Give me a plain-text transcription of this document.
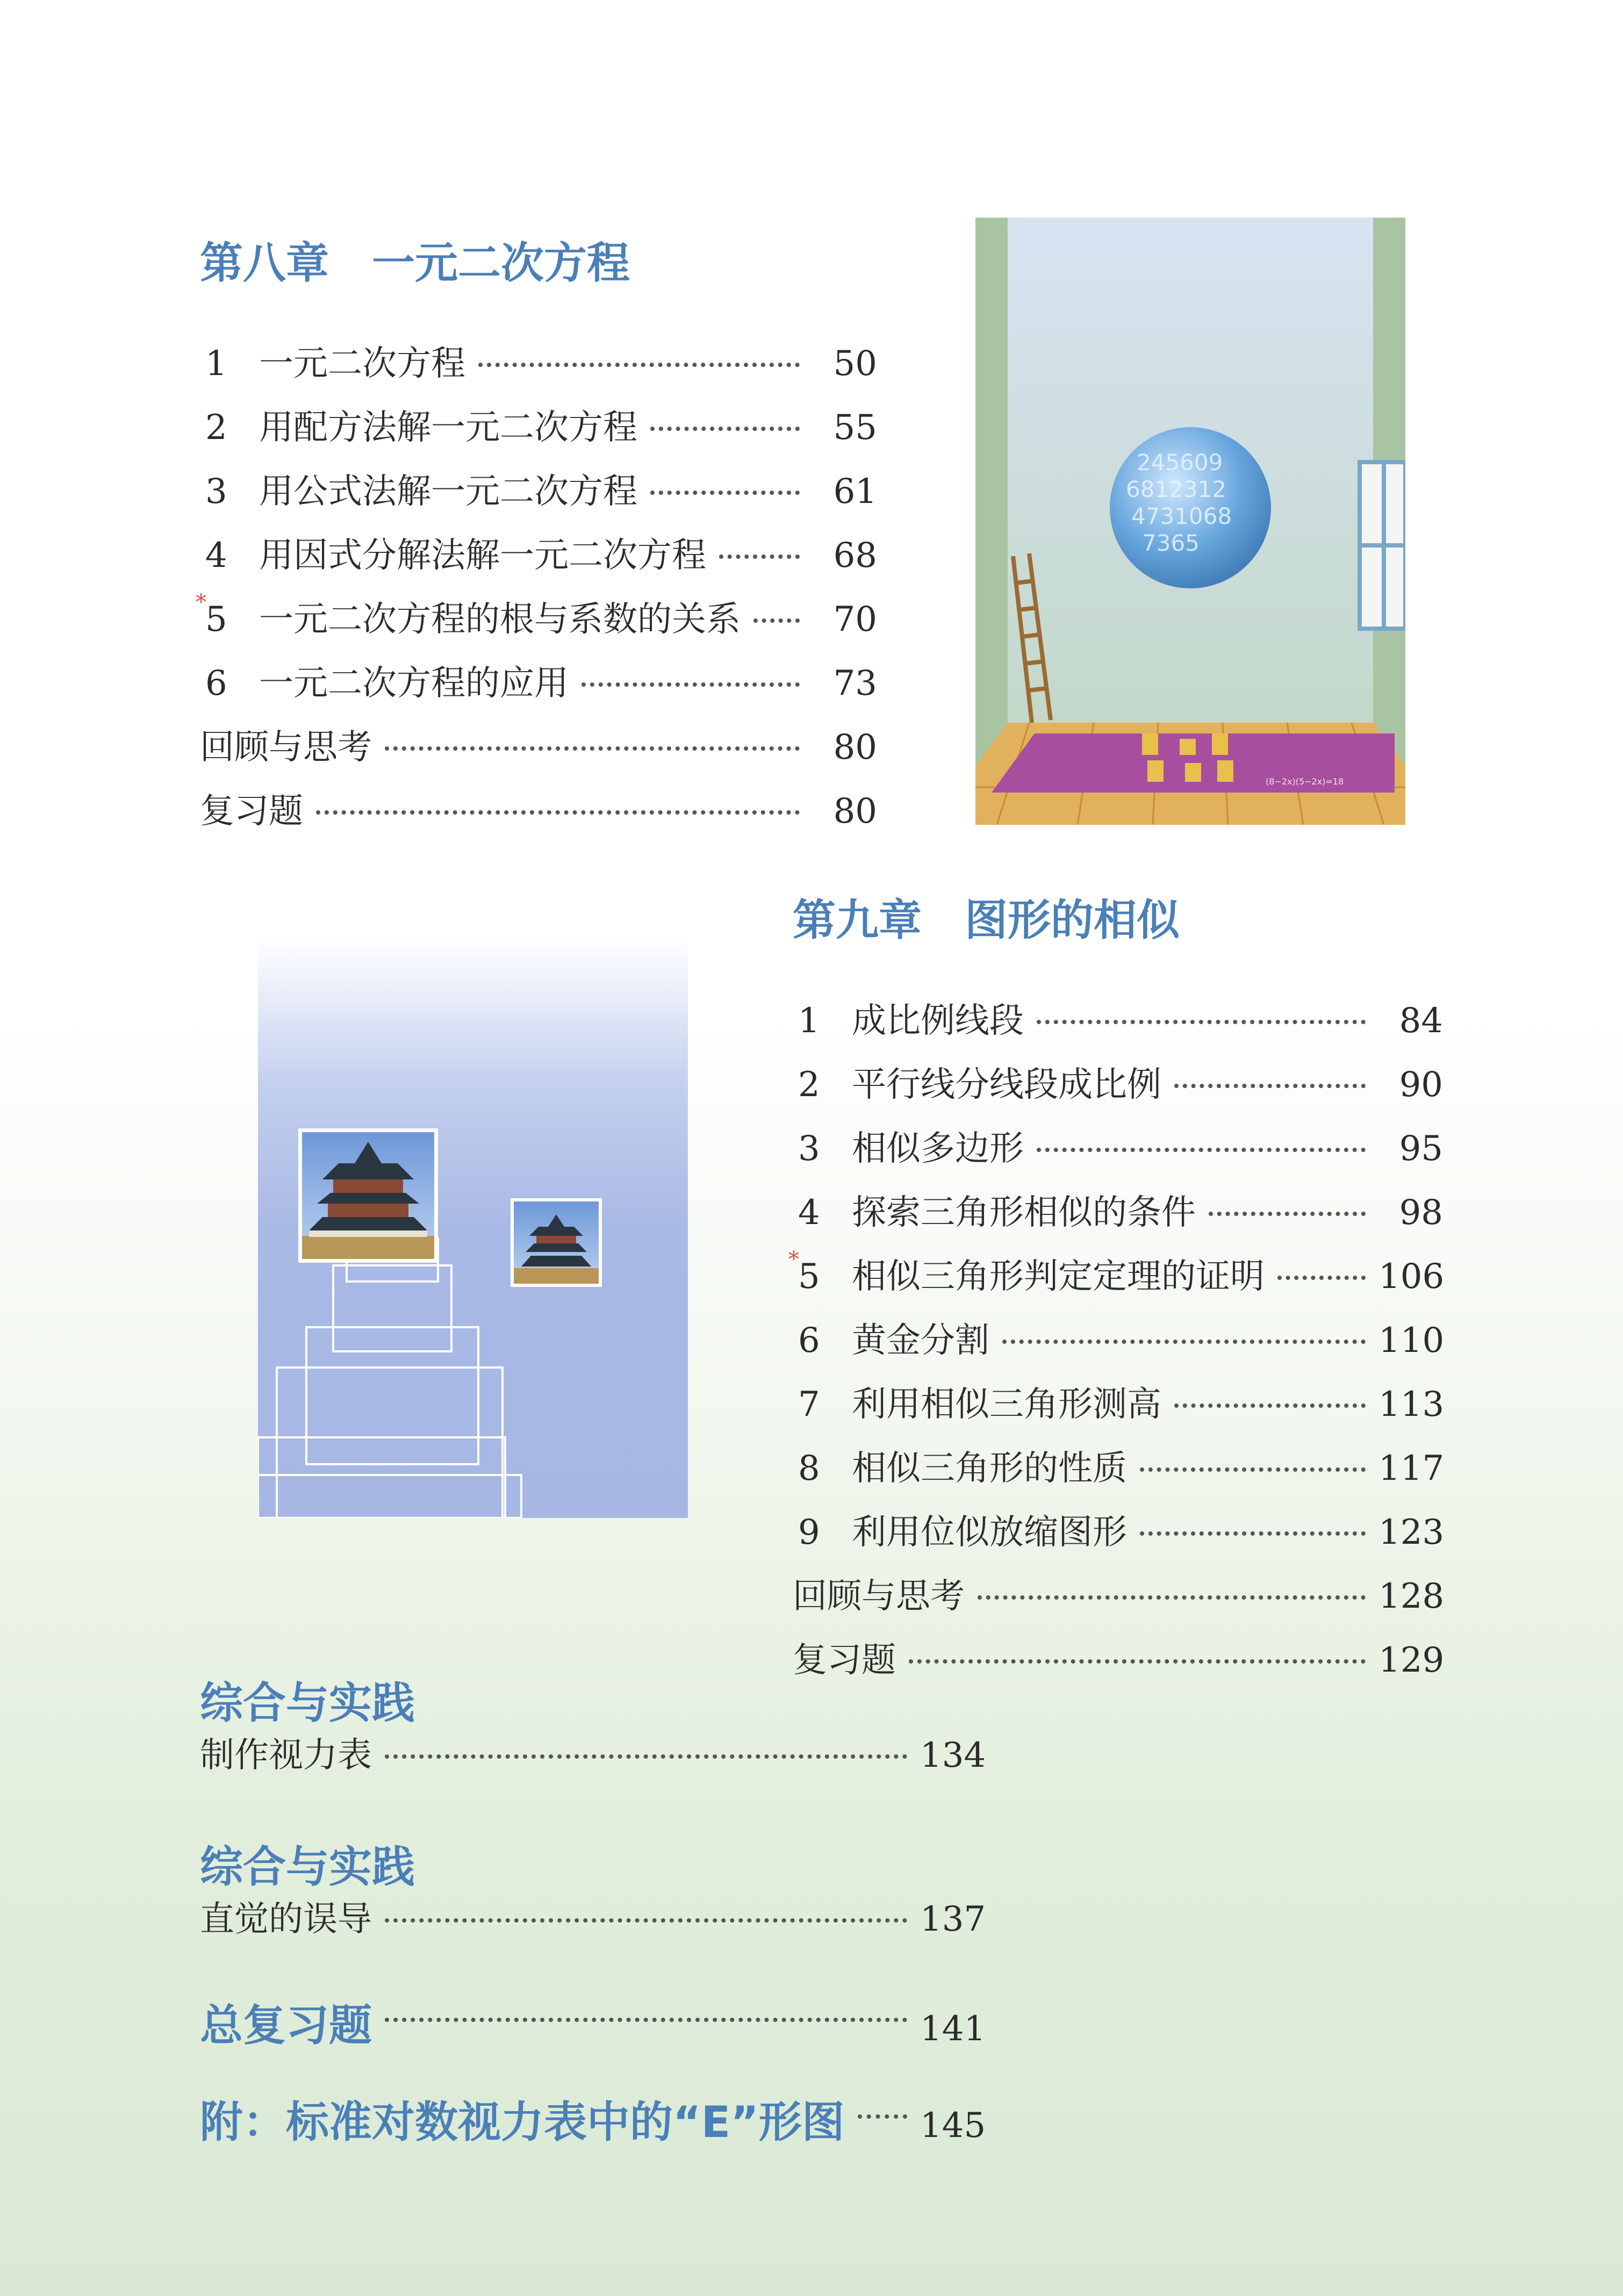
第八章　一元二次方程
1 一元二次方程	50
2 用配方法解一元二次方程	55
3 用公式法解一元二次方程	61
4 用因式分解法解一元二次方程	68
*
5 一元二次方程的根与系数的关系	70
6 一元二次方程的应用	73
回顾与思考	80
复习题	80
245609
6812312
4731068
7365
(8−2x)(5−2x)=18
第九章　图形的相似
1 成比例线段	84
2 平行线分线段成比例	90
3 相似多边形	95
4 探索三角形相似的条件	98
*
5 相似三角形判定定理的证明	106
6 黄金分割	110
7 利用相似三角形测高	113
8 相似三角形的性质	117
9 利用位似放缩图形	123
回顾与思考	128
复习题	129
综合与实践
制作视力表	134
综合与实践
直觉的误导	137
总复习题	141
附：标准对数视力表中的“E”形图 145
